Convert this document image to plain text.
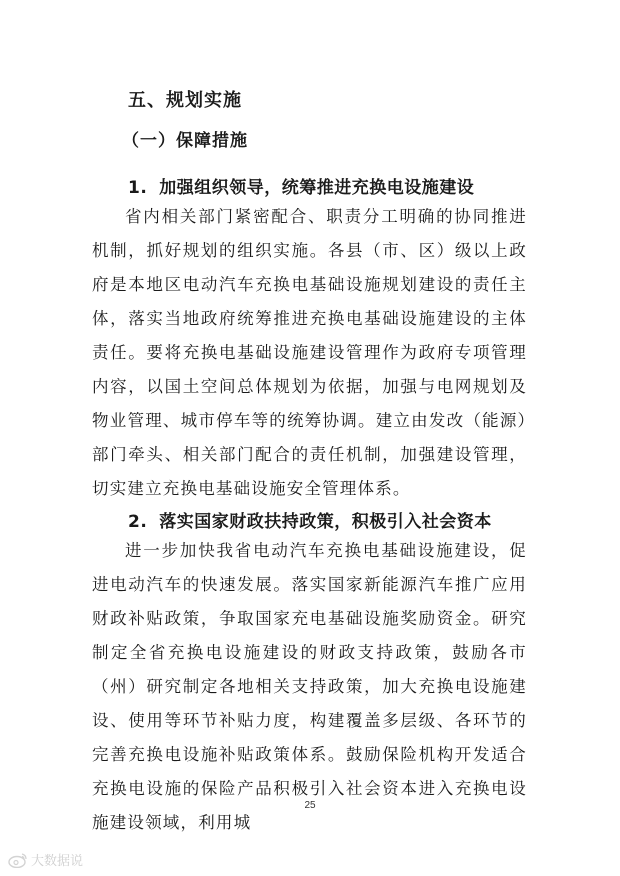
五、规划实施
（一）保障措施
1. 加强组织领导，统筹推进充换电设施建设

省内相关部门紧密配合、职责分工明确的协同推进机制，抓好规划的组织实施。各县（市、区）级以上政府是本地区电动汽车充换电基础设施规划建设的责任主体，落实当地政府统筹推进充换电基础设施建设的主体责任。要将充换电基础设施建设管理作为政府专项管理内容，以国土空间总体规划为依据，加强与电网规划及物业管理、城市停车等的统筹协调。建立由发改（能源）部门牵头、相关部门配合的责任机制，加强建设管理，切实建立充换电基础设施安全管理体系。

2. 落实国家财政扶持政策，积极引入社会资本

进一步加快我省电动汽车充换电基础设施建设，促进电动汽车的快速发展。落实国家新能源汽车推广应用财政补贴政策，争取国家充电基础设施奖励资金。研究制定全省充换电设施建设的财政支持政策，鼓励各市（州）研究制定各地相关支持政策，加大充换电设施建设、使用等环节补贴力度，构建覆盖多层级、各环节的完善充换电设施补贴政策体系。鼓励保险机构开发适合充换电设施的保险产品积极引入社会资本进入充换电设施建设领域，利用城

25
大数据说
